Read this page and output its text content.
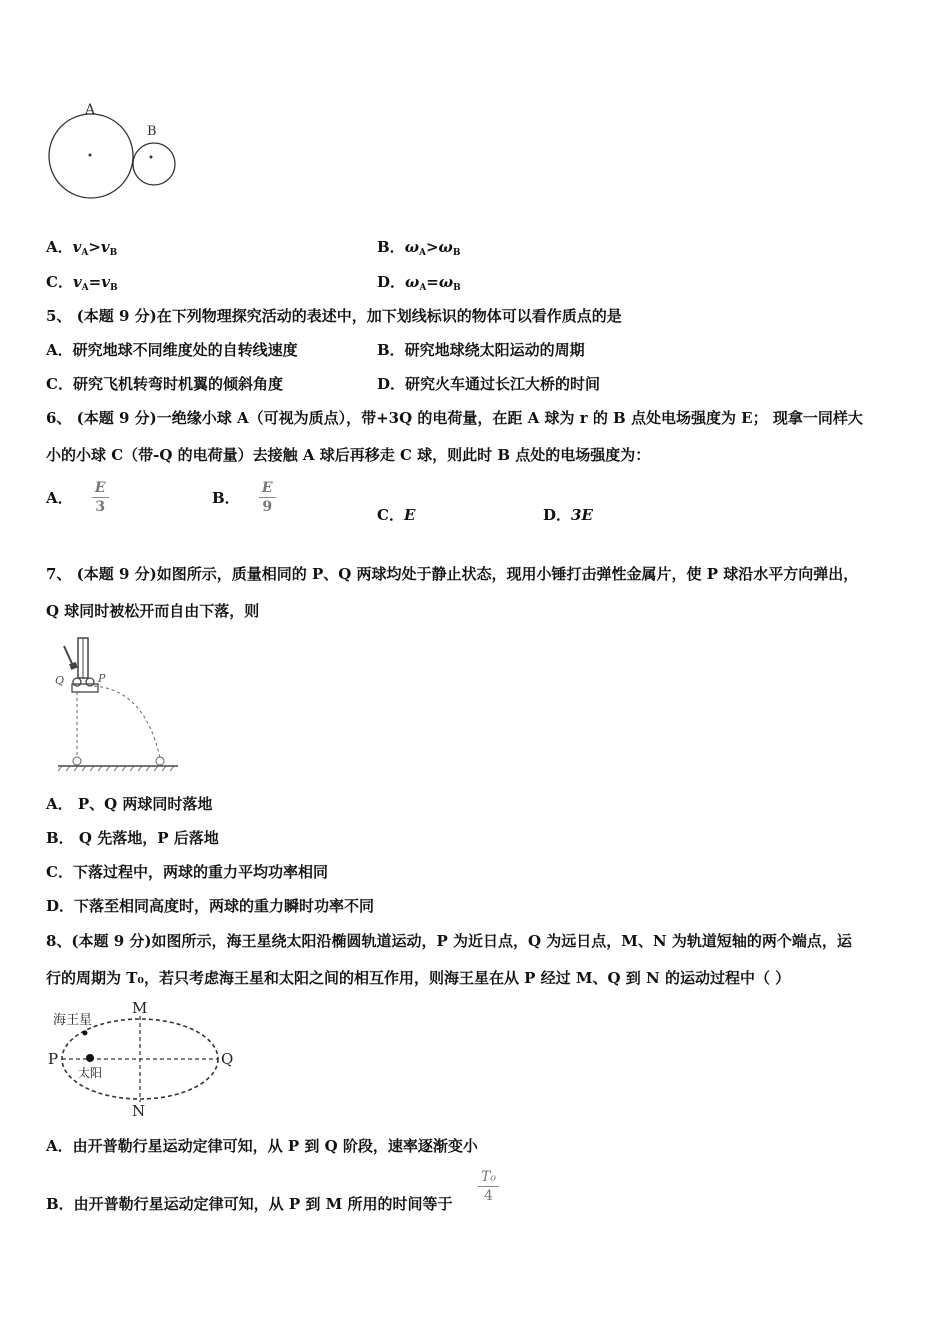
A
B
A．$v_A>v_B$	B．$\omega_A>\omega_B$
C．$v_A=v_B$	D．$\omega_A=\omega_B$
5、 (本题 9 分)在下列物理探究活动的表述中，加下划线标识的物体可以看作质点的是
A．研究地球不同维度处的自转线速度	B．研究地球绕太阳运动的周期
C．研究飞机转弯时机翼的倾斜角度	D．研究火车通过长江大桥的时间
6、 (本题 9 分)一绝缘小球 A（可视为质点），带+3Q 的电荷量，在距 A 球为 r 的 B 点处电场强度为 E； 现拿一同样大
小的小球 C（带-Q 的电荷量）去接触 A 球后再移走 C 球，则此时 B 点处的电场强度为：
A． $\frac{E}{3}$	B． $\frac{E}{9}$	C．E	D．3E
7、 (本题 9 分)如图所示，质量相同的 P、Q 两球均处于静止状态，现用小锤打击弹性金属片，使 P 球沿水平方向弹出，
Q 球同时被松开而自由下落，则
Q	P
A． P、Q 两球同时落地
B． Q 先落地，P 后落地
C．下落过程中，两球的重力平均功率相同
D．下落至相同高度时，两球的重力瞬时功率不同
8、(本题 9 分)如图所示，海王星绕太阳沿椭圆轨道运动，P 为近日点，Q 为远日点，M、N 为轨道短轴的两个端点，运
行的周期为 T₀，若只考虑海王星和太阳之间的相互作用，则海王星在从 P 经过 M、Q 到 N 的运动过程中（ ）
海王星
太阳
M
N
P	Q
A．由开普勒行星运动定律可知，从 P 到 Q 阶段，速率逐渐变小
B．由开普勒行星运动定律可知，从 P 到 M 所用的时间等于 $\frac{\text{T₀}}{4}$
